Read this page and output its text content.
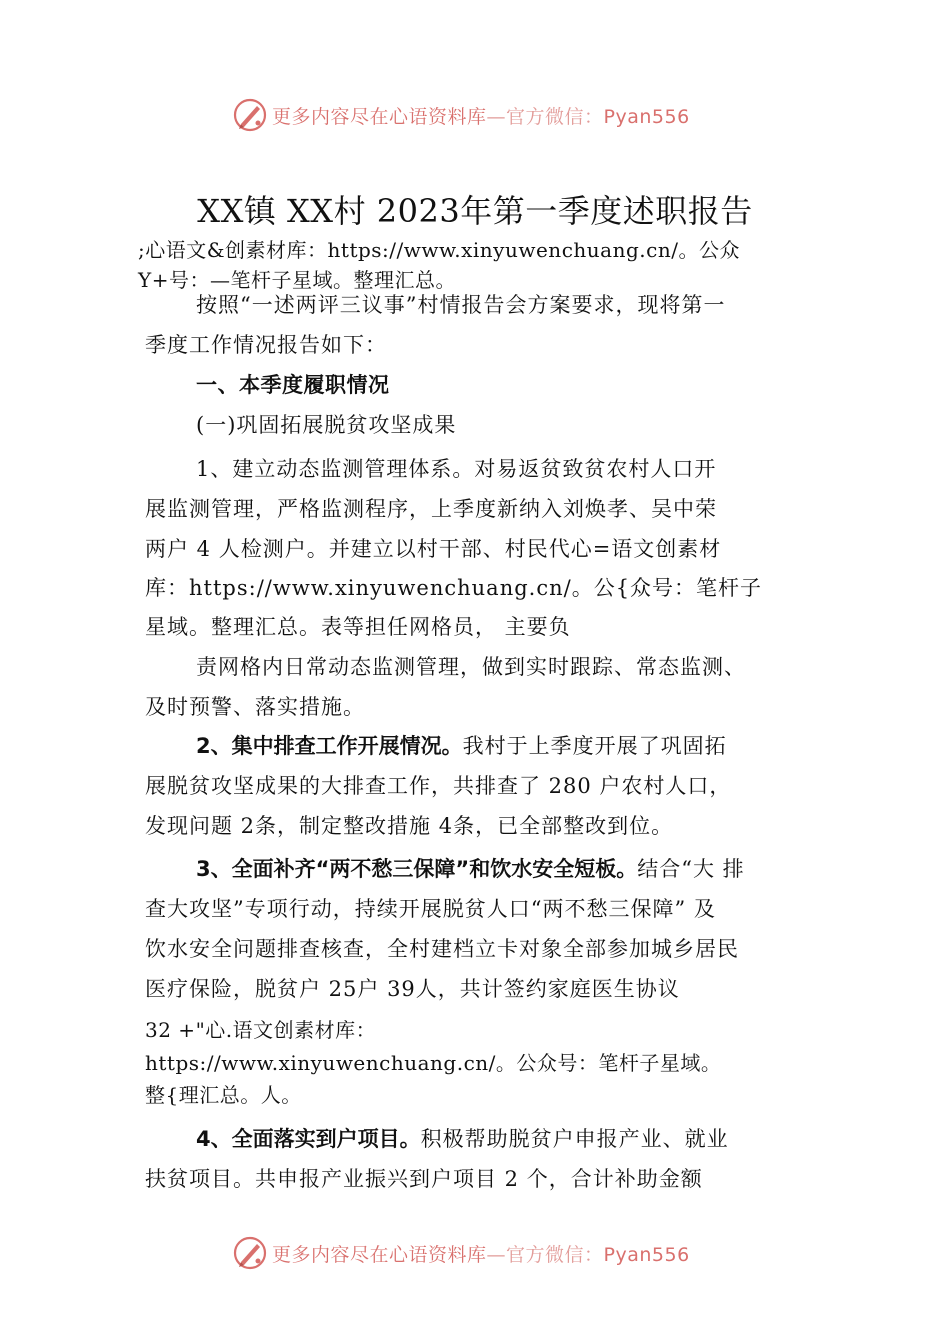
更多内容尽在心语资料库—官方微信：Pyan556
XX镇 XX村 2023年第一季度述职报告
;心语文&创素材库：https://www.xinyuwenchuang.cn/。公众
Y+号：—笔杆子星域。整理汇总。
按照“一述两评三议事”村情报告会方案要求，现将第一
季度工作情况报告如下：
一、本季度履职情况
(一)巩固拓展脱贫攻坚成果
1、建立动态监测管理体系。对易返贫致贫农村人口开
展监测管理，严格监测程序，上季度新纳入刘焕孝、吴中荣
两户 4 人检测户。并建立以村干部、村民代心=语文创素材
库：https://www.xinyuwenchuang.cn/。公{众号：笔杆子
星域。整理汇总。表等担任网格员， 主要负
责网格内日常动态监测管理，做到实时跟踪、常态监测、
及时预警、落实措施。
2、集中排查工作开展情况。我村于上季度开展了巩固拓
展脱贫攻坚成果的大排查工作，共排查了 280 户农村人口，
发现问题 2条，制定整改措施 4条，已全部整改到位。
3、全面补齐“两不愁三保障”和饮水安全短板。结合“大 排
查大攻坚”专项行动，持续开展脱贫人口“两不愁三保障” 及
饮水安全问题排查核查，全村建档立卡对象全部参加城乡居民
医疗保险，脱贫户 25户 39人，共计签约家庭医生协议
32 +"心.语文创素材库：
https://www.xinyuwenchuang.cn/。公众号：笔杆子星域。
整{理汇总。人。
4、全面落实到户项目。积极帮助脱贫户申报产业、就业
扶贫项目。共申报产业振兴到户项目 2 个，合计补助金额
更多内容尽在心语资料库—官方微信：Pyan556
